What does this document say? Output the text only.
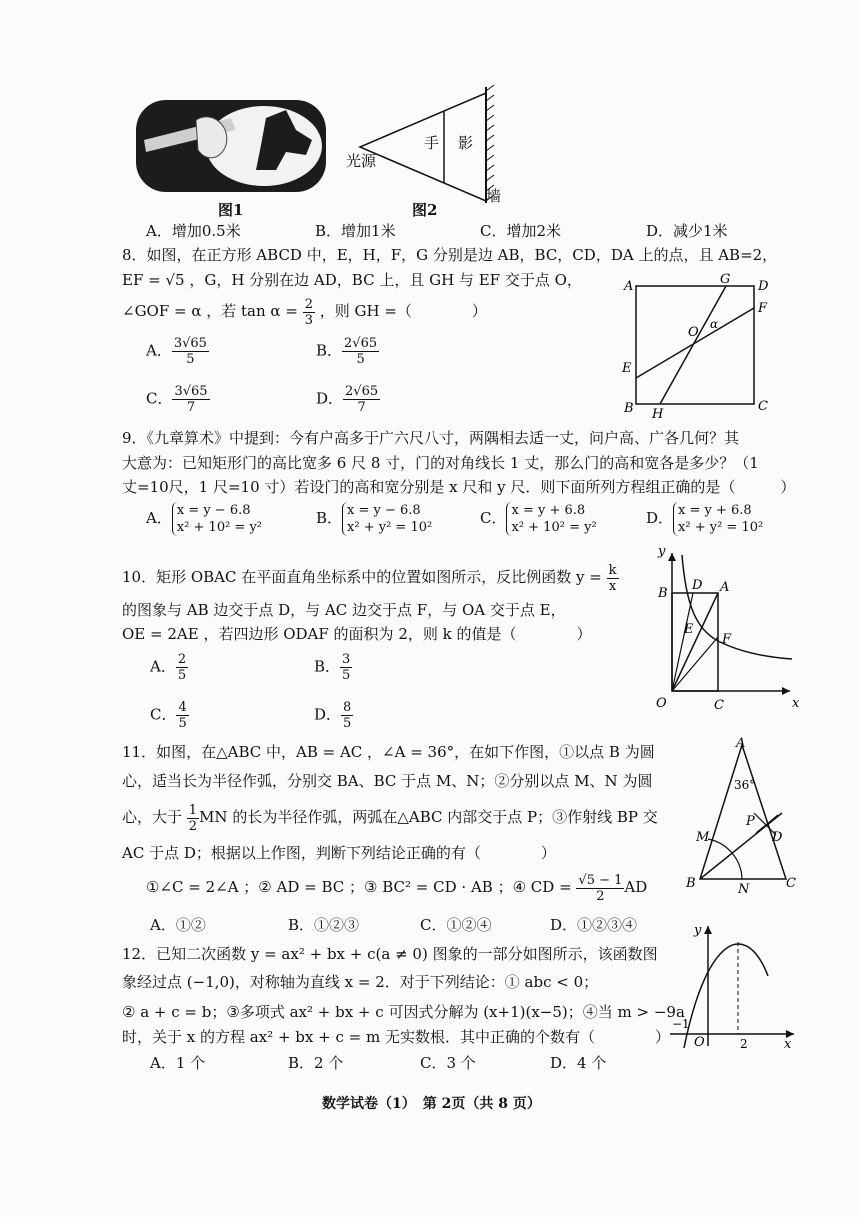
图1
光源
手 影
墙
图2
A．增加0.5米	B．增加1米	C．增加2米	D．减少1米
8．如图，在正方形 ABCD 中，E，H，F，G 分别是边 AB，BC，CD，DA 上的点，且 AB=2，
EF = √5 ，G，H 分别在边 AD，BC 上，且 GH 与 EF 交于点 O，
∠GOF = α ，若 $\tan \alpha = \frac{2}{3}$ ，则 GH =（　　　　）
A． $\frac{3√65}{5}$	B． $\frac{2√65}{5}$
C． $\frac{3√65}{7}$	D． $\frac{2√65}{7}$
A
E
B
G D
F
C
H
O
α
9．《九章算术》中提到：今有户高多于广六尺八寸，两隅相去适一丈，问户高、广各几何？其
大意为：已知矩形门的高比宽多 6 尺 8 寸，门的对角线长 1 丈，那么门的高和宽各是多少？（1
丈=10尺，1 尺=10 寸）若设门的高和宽分别是 x 尺和 y 尺．则下面所列方程组正确的是（　　　）
A． x = y − 6.8
x² + 10² = y²
B． x = y − 6.8
x² + y² = 10²
C． x = y + 6.8
x² + 10² = y²
D． x = y + 6.8
x² + y² = 10²
10．矩形 OBAC 在平面直角坐标系中的位置如图所示，反比例函数 $y = \frac{k}{x}$
的图象与 AB 边交于点 D，与 AC 边交于点 F，与 OA 交于点 E，
OE = 2AE ，若四边形 ODAF 的面积为 2，则 k 的值是（　　　　）
A． $\frac{2}{5}$	B． $\frac{3}{5}$
C． $\frac{4}{5}$	D． $\frac{8}{5}$
y
x
B
D A
E
F
O	C
11．如图，在△ABC 中，AB = AC ，∠A = 36°，在如下作图，①以点 B 为圆
心，适当长为半径作弧，分别交 BA、BC 于点 M、N；②分别以点 M、N 为圆
心，大于 $\frac{1}{2}$ MN 的长为半径作弧，两弧在△ABC 内部交于点 P；③作射线 BP 交
AC 于点 D；根据以上作图，判断下列结论正确的有（　　　　）
①∠C = 2∠A ；② AD = BC ；③ BC² = CD · AB ；④ CD = $\frac{√5 - 1}{2}$ AD
A．①②	B．①②③	C．①②④	D．①②③④
A
36°
M
P
D
B	N	C
12．已知二次函数 y = ax² + bx + c(a ≠ 0) 图象的一部分如图所示，该函数图
象经过点 (−1,0)，对称轴为直线 x = 2．对于下列结论：① abc < 0；
② a + c = b；③多项式 ax² + bx + c 可因式分解为 (x+1)(x−5)；④当 m > −9a
时，关于 x 的方程 ax² + bx + c = m 无实数根．其中正确的个数有（　　　　）
A．1 个	B．2 个	C．3 个	D．4 个
y
x
O
−1
2
数学试卷（1）　第 2页（共 8 页）
